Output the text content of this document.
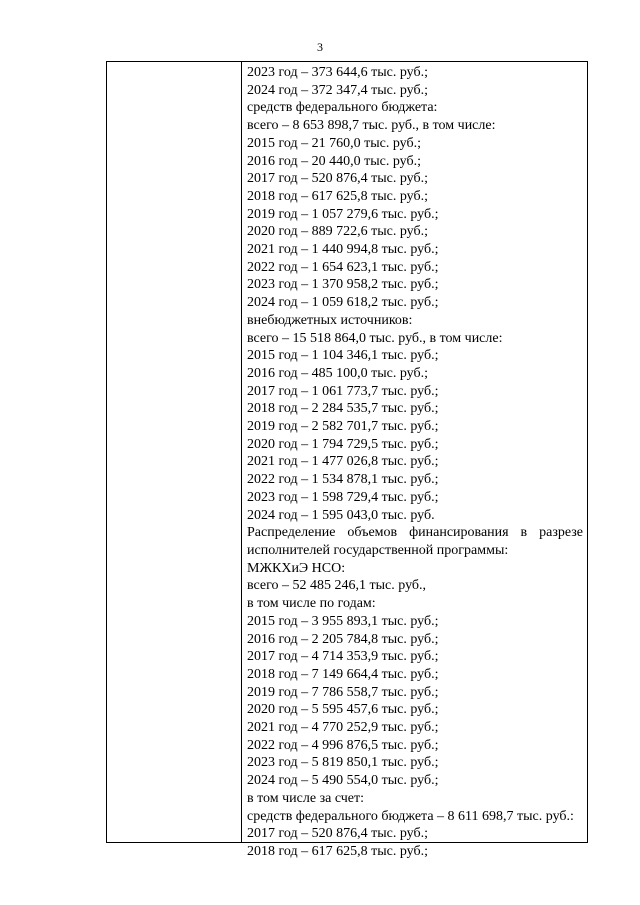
3
2023 год – 373 644,6 тыс. руб.;
2024 год – 372 347,4 тыс. руб.;
средств федерального бюджета:
всего – 8 653 898,7 тыс. руб., в том числе:
2015 год – 21 760,0 тыс. руб.;
2016 год – 20 440,0 тыс. руб.;
2017 год – 520 876,4 тыс. руб.;
2018 год – 617 625,8 тыс. руб.;
2019 год – 1 057 279,6 тыс. руб.;
2020 год – 889 722,6 тыс. руб.;
2021 год – 1 440 994,8 тыс. руб.;
2022 год – 1 654 623,1 тыс. руб.;
2023 год – 1 370 958,2 тыс. руб.;
2024 год – 1 059 618,2 тыс. руб.;
внебюджетных источников:
всего – 15 518 864,0 тыс. руб., в том числе:
2015 год – 1 104 346,1 тыс. руб.;
2016 год – 485 100,0 тыс. руб.;
2017 год – 1 061 773,7 тыс. руб.;
2018 год – 2 284 535,7 тыс. руб.;
2019 год – 2 582 701,7 тыс. руб.;
2020 год – 1 794 729,5 тыс. руб.;
2021 год – 1 477 026,8 тыс. руб.;
2022 год – 1 534 878,1 тыс. руб.;
2023 год – 1 598 729,4 тыс. руб.;
2024 год – 1 595 043,0 тыс. руб.
Распределение объемов финансирования в разрезе
исполнителей государственной программы:
МЖКХиЭ НСО:
всего – 52 485 246,1 тыс. руб.,
в том числе по годам:
2015 год – 3 955 893,1 тыс. руб.;
2016 год – 2 205 784,8 тыс. руб.;
2017 год – 4 714 353,9 тыс. руб.;
2018 год – 7 149 664,4 тыс. руб.;
2019 год – 7 786 558,7 тыс. руб.;
2020 год – 5 595 457,6 тыс. руб.;
2021 год – 4 770 252,9 тыс. руб.;
2022 год – 4 996 876,5 тыс. руб.;
2023 год – 5 819 850,1 тыс. руб.;
2024 год – 5 490 554,0 тыс. руб.;
в том числе за счет:
средств федерального бюджета – 8 611 698,7 тыс. руб.:
2017 год – 520 876,4 тыс. руб.;
2018 год – 617 625,8 тыс. руб.;
